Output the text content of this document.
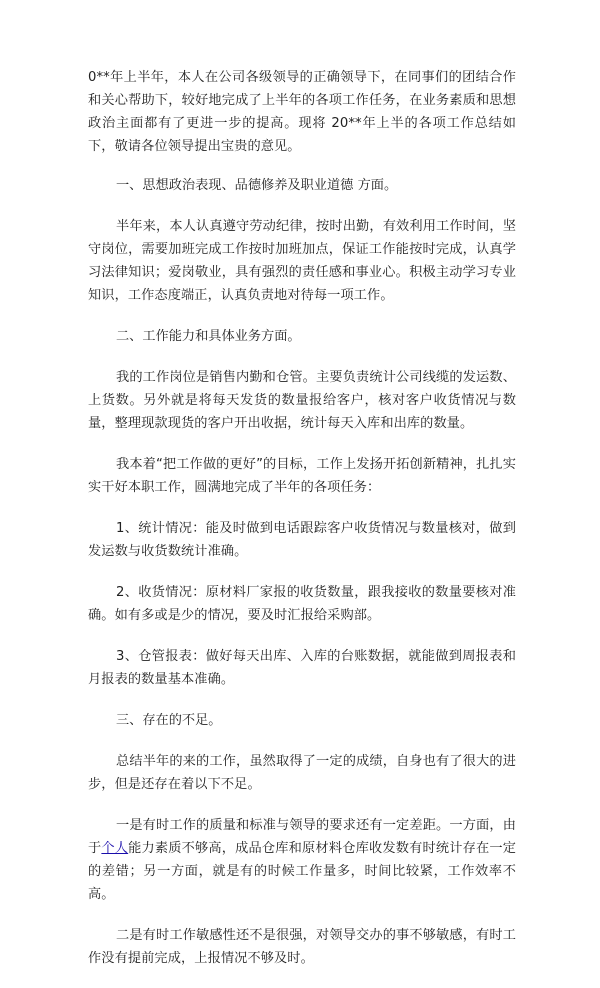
0**年上半年，本人在公司各级领导的正确领导下，在同事们的团结合作 和关心帮助下，较好地完成了上半年的各项工作任务，在业务素质和思想政治主面都有了更进一步的提高。现将 20**年上半的各项工作总结如下，敬请各位领导提出宝贵的意见。

一、思想政治表现、品德修养及职业道德 方面。

半年来，本人认真遵守劳动纪律，按时出勤，有效利用工作时间，坚守岗位，需要加班完成工作按时加班加点，保证工作能按时完成，认真学习法律知识；爱岗敬业，具有强烈的责任感和事业心。积极主动学习专业知识，工作态度端正，认真负责地对待每一项工作。

二、工作能力和具体业务方面。

我的工作岗位是销售内勤和仓管。主要负责统计公司线缆的发运数、上货数。另外就是将每天发货的数量报给客户，核对客户收货情况与数量，整理现款现货的客户开出收据，统计每天入库和出库的数量。

我本着“把工作做的更好”的目标，工作上发扬开拓创新精神，扎扎实实干好本职工作，圆满地完成了半年的各项任务：

1、统计情况：能及时做到电话跟踪客户收货情况与数量核对，做到发运数与收货数统计准确。

2、收货情况：原材料厂家报的收货数量，跟我接收的数量要核对准确。如有多或是少的情况，要及时汇报给采购部。

3、仓管报表：做好每天出库、入库的台账数据，就能做到周报表和月报表的数量基本准确。

三、存在的不足。

总结半年的来的工作，虽然取得了一定的成绩，自身也有了很大的进步，但是还存在着以下不足。

一是有时工作的质量和标准与领导的要求还有一定差距。一方面，由于个人能力素质不够高，成品仓库和原材料仓库收发数有时统计存在一定的差错；另一方面，就是有的时候工作量多，时间比较紧，工作效率不高。

二是有时工作敏感性还不是很强，对领导交办的事不够敏感，有时工作没有提前完成，上报情况不够及时。
